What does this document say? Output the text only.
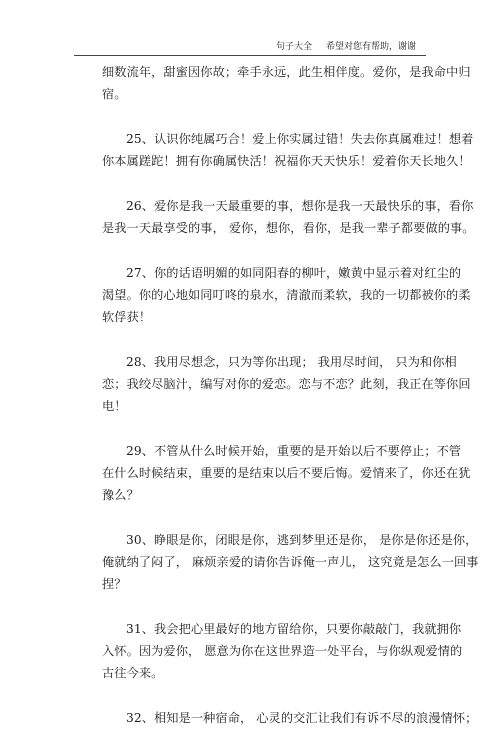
句子大全 希望对您有帮助，谢谢

细数流年，甜蜜因你故；牵手永远，此生相伴度。爱你，是我命中归
宿。

25、认识你纯属巧合！爱上你实属过错！失去你真属难过！想着
你本属蹉跎！拥有你确属快活！祝福你天天快乐！爱着你天长地久！

26、爱你是我一天最重要的事，想你是我一天最快乐的事，看你
是我一天最享受的事， 爱你，想你，看你，是我一辈子都要做的事。

27、你的话语明媚的如同阳春的柳叶，嫩黄中显示着对红尘的
渴望。你的心地如同叮咚的泉水，清澈而柔软，我的一切都被你的柔
软俘获！

28、我用尽想念，只为等你出现； 我用尽时间， 只为和你相
恋；我绞尽脑汁，编写对你的爱恋。恋与不恋？此刻，我正在等你回
电！

29、不管从什么时候开始，重要的是开始以后不要停止；不管
在什么时候结束，重要的是结束以后不要后悔。爱情来了，你还在犹
豫么？

30、睁眼是你，闭眼是你，逃到梦里还是你， 是你是你还是你，
俺就纳了闷了， 麻烦亲爱的请你告诉俺一声儿， 这究竟是怎么一回事
捏？

31、我会把心里最好的地方留给你，只要你敲敲门，我就拥你
入怀。因为爱你， 愿意为你在这世界造一处平台，与你纵观爱情的
古往今来。

32、相知是一种宿命， 心灵的交汇让我们有诉不尽的浪漫情怀；
